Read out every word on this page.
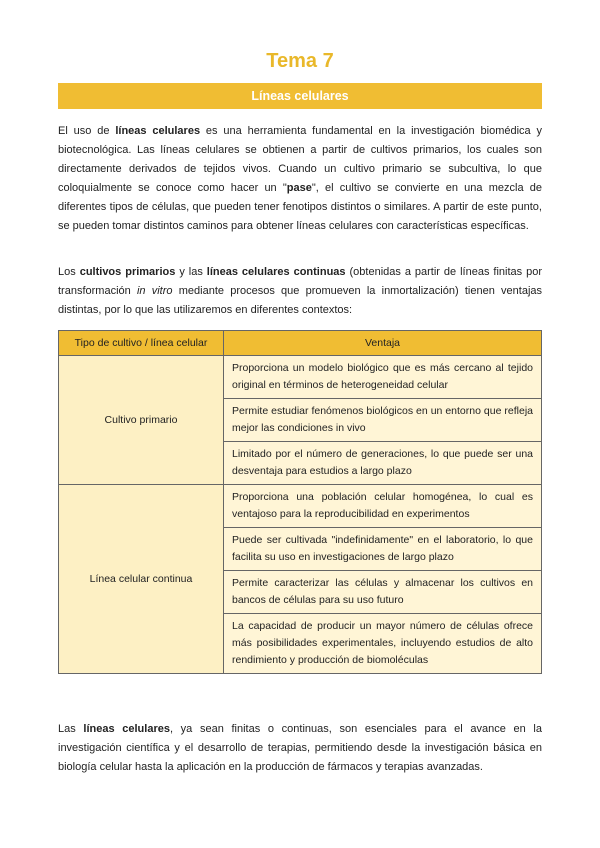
Tema 7
Líneas celulares

El uso de líneas celulares es una herramienta fundamental en la investigación biomédica y biotecnológica. Las líneas celulares se obtienen a partir de cultivos primarios, los cuales son directamente derivados de tejidos vivos. Cuando un cultivo primario se subcultiva, lo que coloquialmente se conoce como hacer un "pase", el cultivo se convierte en una mezcla de diferentes tipos de células, que pueden tener fenotipos distintos o similares. A partir de este punto, se pueden tomar distintos caminos para obtener líneas celulares con características específicas.

Los cultivos primarios y las líneas celulares continuas (obtenidas a partir de líneas finitas por transformación in vitro mediante procesos que promueven la inmortalización) tienen ventajas distintas, por lo que las utilizaremos en diferentes contextos:

Tipo de cultivo / línea celular	Ventaja
Cultivo primario	Proporciona un modelo biológico que es más cercano al tejido original en términos de heterogeneidad celular
	Permite estudiar fenómenos biológicos en un entorno que refleja mejor las condiciones in vivo
	Limitado por el número de generaciones, lo que puede ser una desventaja para estudios a largo plazo
Línea celular continua	Proporciona una población celular homogénea, lo cual es ventajoso para la reproducibilidad en experimentos
	Puede ser cultivada "indefinidamente" en el laboratorio, lo que facilita su uso en investigaciones de largo plazo
	Permite caracterizar las células y almacenar los cultivos en bancos de células para su uso futuro
	La capacidad de producir un mayor número de células ofrece más posibilidades experimentales, incluyendo estudios de alto rendimiento y producción de biomoléculas

Las líneas celulares, ya sean finitas o continuas, son esenciales para el avance en la investigación científica y el desarrollo de terapias, permitiendo desde la investigación básica en biología celular hasta la aplicación en la producción de fármacos y terapias avanzadas.
